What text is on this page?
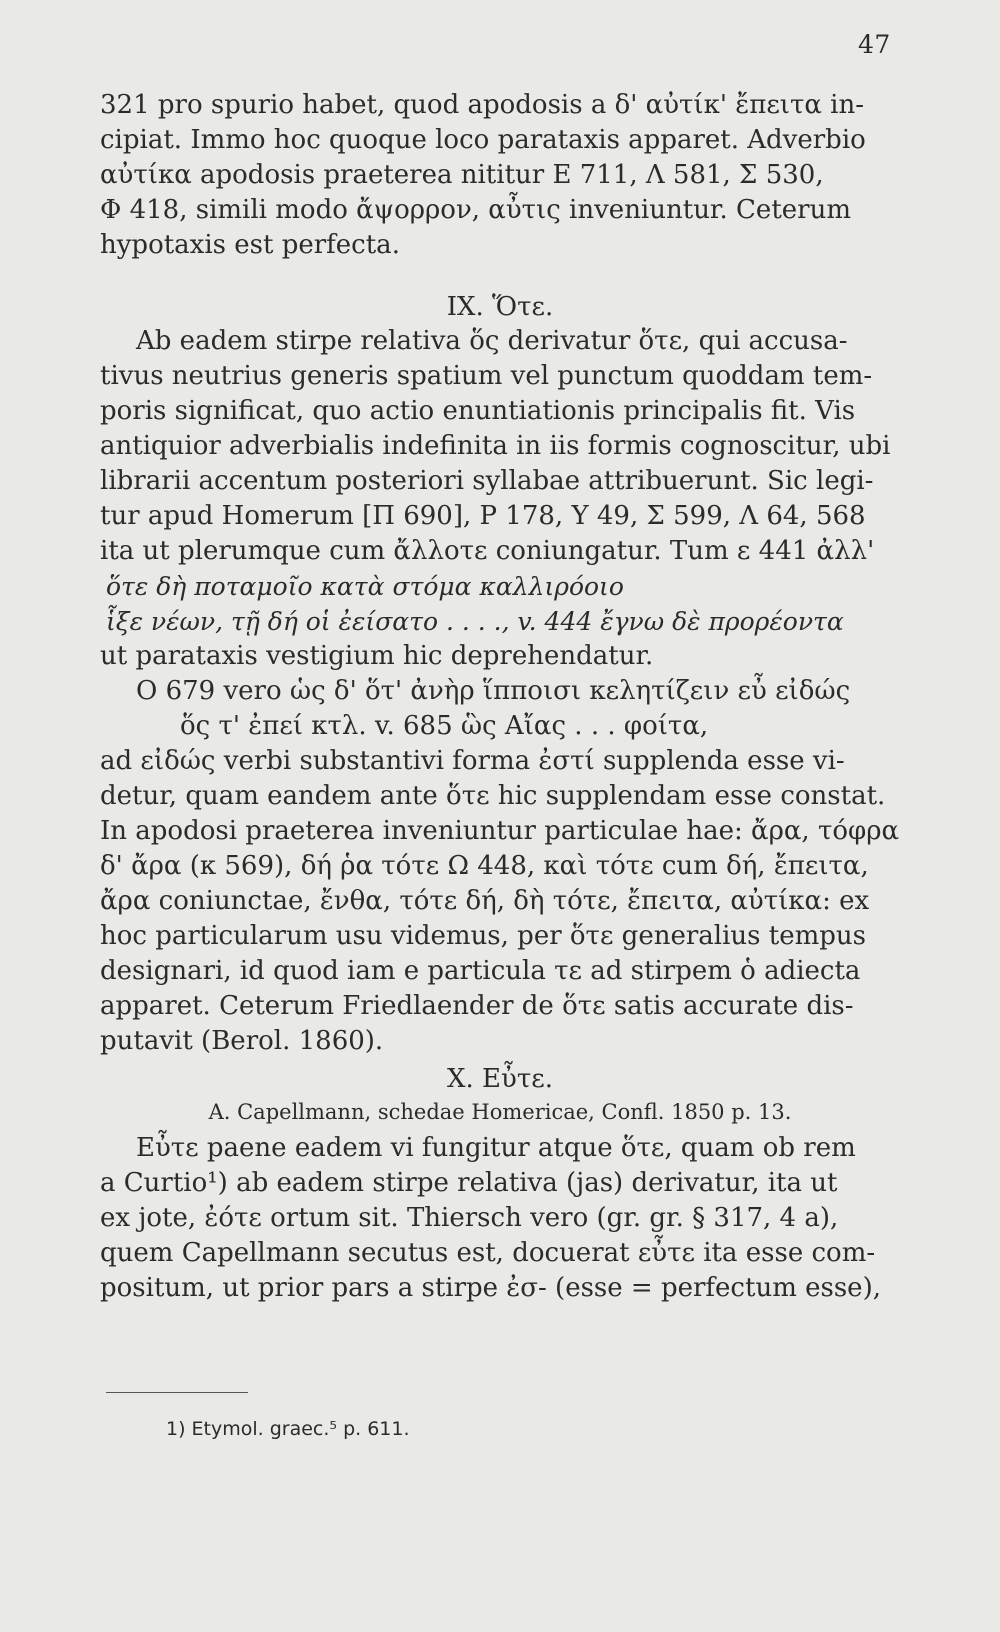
47
321 pro spurio habet, quod apodosis a δ' αὐτίκ' ἔπειτα in-
cipiat. Immo hoc quoque loco parataxis apparet. Adverbio
αὐτίκα apodosis praeterea nititur E 711, Λ 581, Σ 530,
Φ 418, simili modo ἄψορρον, αὖτις inveniuntur. Ceterum
hypotaxis est perfecta.
IX. Ὅτε.
Ab eadem stirpe relativa ὅς derivatur ὅτε, qui accusa-
tivus neutrius generis spatium vel punctum quoddam tem-
poris significat, quo actio enuntiationis principalis fit. Vis
antiquior adverbialis indefinita in iis formis cognoscitur, ubi
librarii accentum posteriori syllabae attribuerunt. Sic legi-
tur apud Homerum [Π 690], P 178, Υ 49, Σ 599, Λ 64, 568
ita ut plerumque cum ἄλλοτε coniungatur. Tum ε 441 ἀλλ'
ὅτε δὴ ποταμοῖο κατὰ στόμα καλλιρόοιο
ἷξε νέων, τῇ δή οἱ ἐείσατο . . . ., v. 444 ἔγνω δὲ προρέοντα
ut parataxis vestigium hic deprehendatur.
O 679 vero ὡς δ' ὅτ' ἀνὴρ ἵπποισι κελητίζειν εὖ εἰδώς
ὅς τ' ἐπεί κτλ. v. 685 ὣς Αἴας . . . φοίτα,
ad εἰδώς verbi substantivi forma ἐστί supplenda esse vi-
detur, quam eandem ante ὅτε hic supplendam esse constat.
In apodosi praeterea inveniuntur particulae hae: ἄρα, τόφρα
δ' ἄρα (κ 569), δή ῥα τότε Ω 448, καὶ τότε cum δή, ἔπειτα,
ἄρα coniunctae, ἔνθα, τότε δή, δὴ τότε, ἔπειτα, αὐτίκα: ex
hoc particularum usu videmus, per ὅτε generalius tempus
designari, id quod iam e particula τε ad stirpem ὁ adiecta
apparet. Ceterum Friedlaender de ὅτε satis accurate dis-
putavit (Berol. 1860).
X. Εὖτε.
A. Capellmann, schedae Homericae, Confl. 1850 p. 13.
Εὖτε paene eadem vi fungitur atque ὅτε, quam ob rem
a Curtio¹) ab eadem stirpe relativa (jas) derivatur, ita ut
ex jote, ἐότε ortum sit. Thiersch vero (gr. gr. § 317, 4 a),
quem Capellmann secutus est, docuerat εὖτε ita esse com-
positum, ut prior pars a stirpe ἐσ- (esse = perfectum esse),
1) Etymol. graec.⁵ p. 611.
